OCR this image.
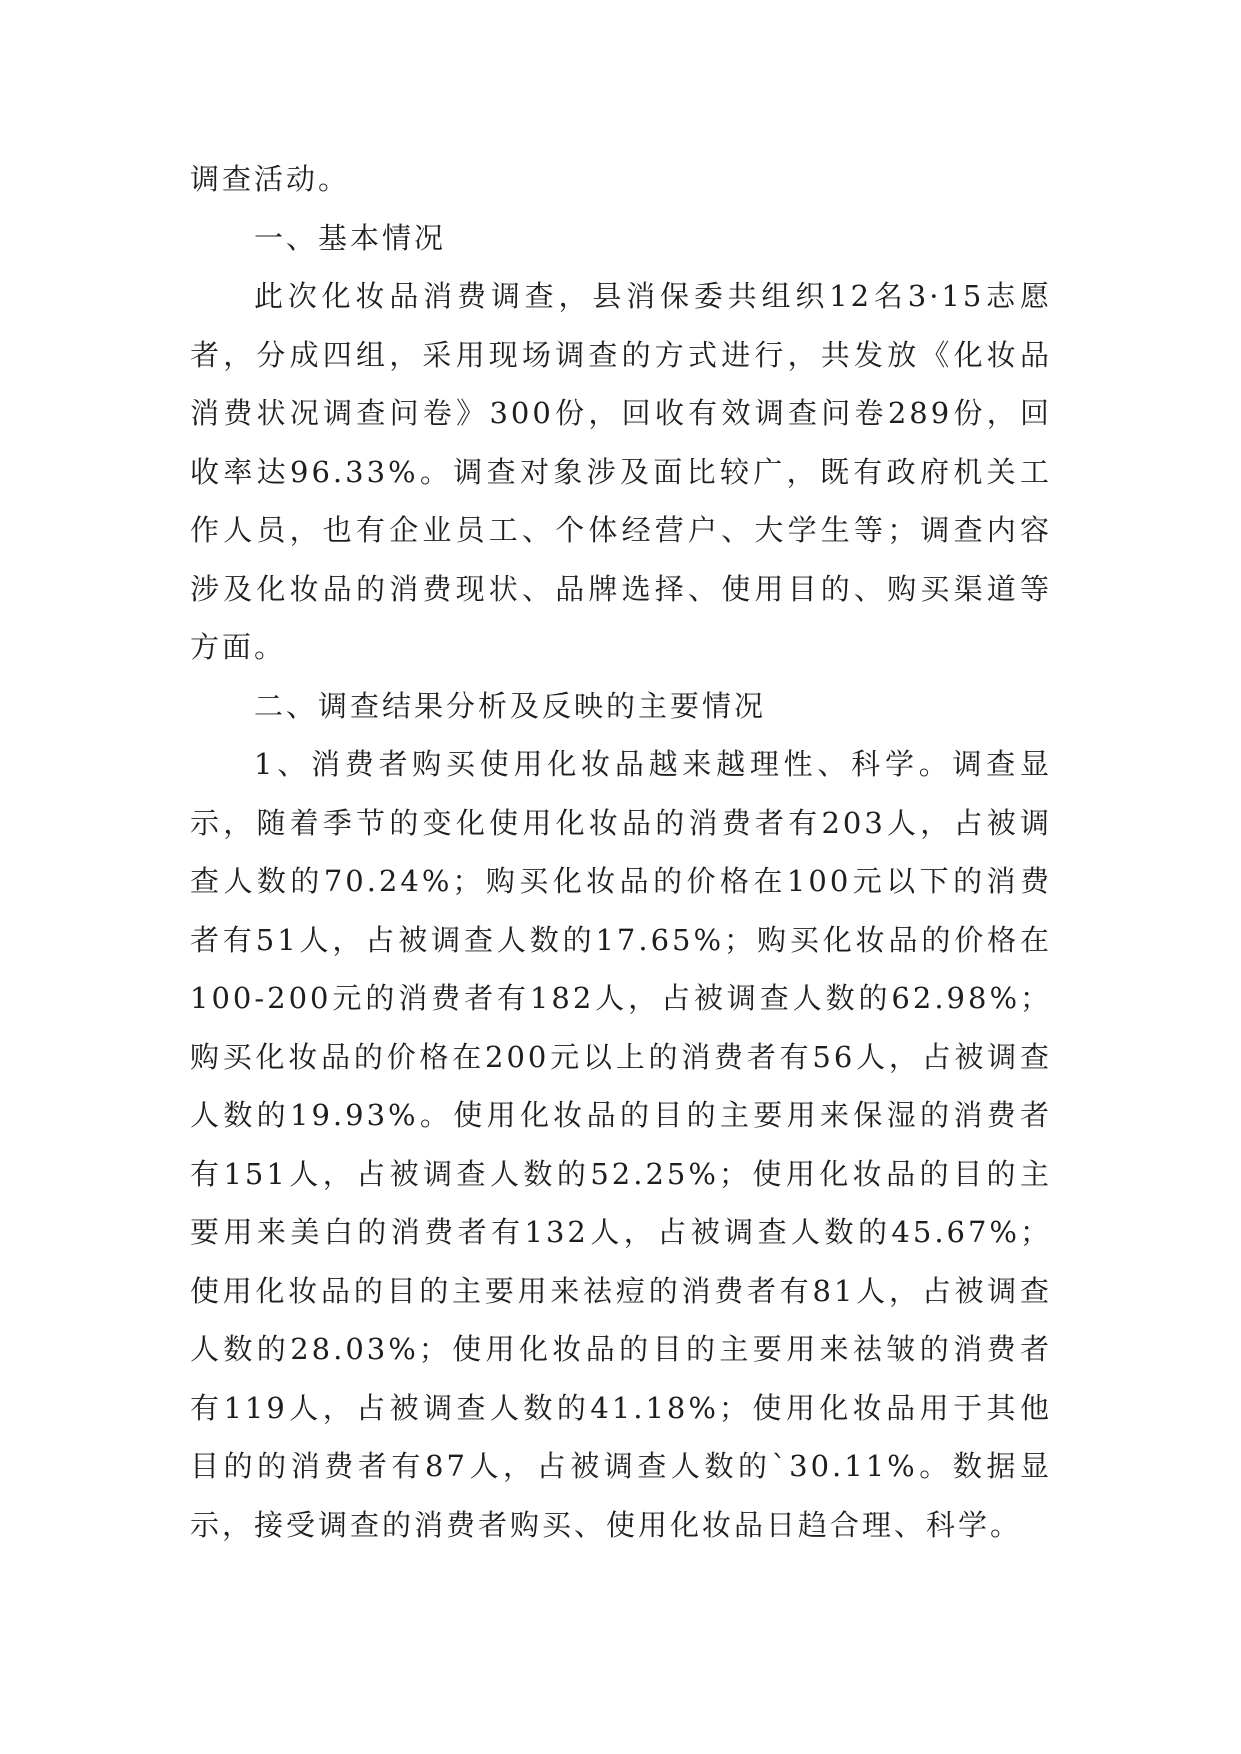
调查活动。

一、基本情况

此次化妆品消费调查，县消保委共组织12名3·15志愿者，分成四组，采用现场调查的方式进行，共发放《化妆品消费状况调查问卷》300份，回收有效调查问卷289份，回收率达96.33%。调查对象涉及面比较广，既有政府机关工作人员，也有企业员工、个体经营户、大学生等；调查内容涉及化妆品的消费现状、品牌选择、使用目的、购买渠道等方面。

二、调查结果分析及反映的主要情况

1、消费者购买使用化妆品越来越理性、科学。调查显示，随着季节的变化使用化妆品的消费者有203人，占被调查人数的70.24%；购买化妆品的价格在100元以下的消费者有51人，占被调查人数的17.65%；购买化妆品的价格在100-200元的消费者有182人，占被调查人数的62.98%；购买化妆品的价格在200元以上的消费者有56人，占被调查人数的19.93%。使用化妆品的目的主要用来保湿的消费者有151人，占被调查人数的52.25%；使用化妆品的目的主要用来美白的消费者有132人，占被调查人数的45.67%；使用化妆品的目的主要用来祛痘的消费者有81人，占被调查人数的28.03%；使用化妆品的目的主要用来祛皱的消费者有119人，占被调查人数的41.18%；使用化妆品用于其他目的的消费者有87人，占被调查人数的`30.11%。数据显示，接受调查的消费者购买、使用化妆品日趋合理、科学。
